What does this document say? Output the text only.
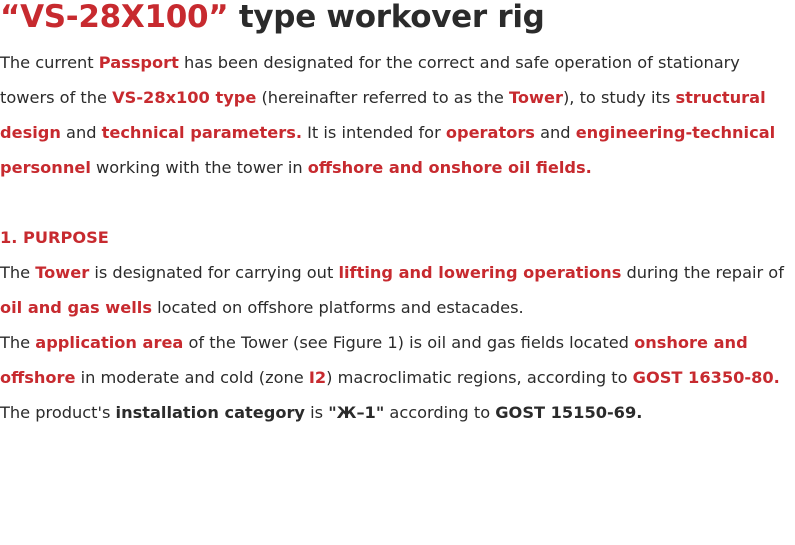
“VS-28X100” type workover rig

The current Passport has been designated for the correct and safe operation of stationary towers of the VS-28x100 type (hereinafter referred to as the Tower), to study its structural design and technical parameters. It is intended for operators and engineering-technical personnel working with the tower in offshore and onshore oil fields.

1. PURPOSE

The Tower is designated for carrying out lifting and lowering operations during the repair of oil and gas wells located on offshore platforms and estacades.

The application area of the Tower (see Figure 1) is oil and gas fields located onshore and offshore in moderate and cold (zone I2) macroclimatic regions, according to GOST 16350-80.

The product's installation category is "Ж–1" according to GOST 15150-69.
